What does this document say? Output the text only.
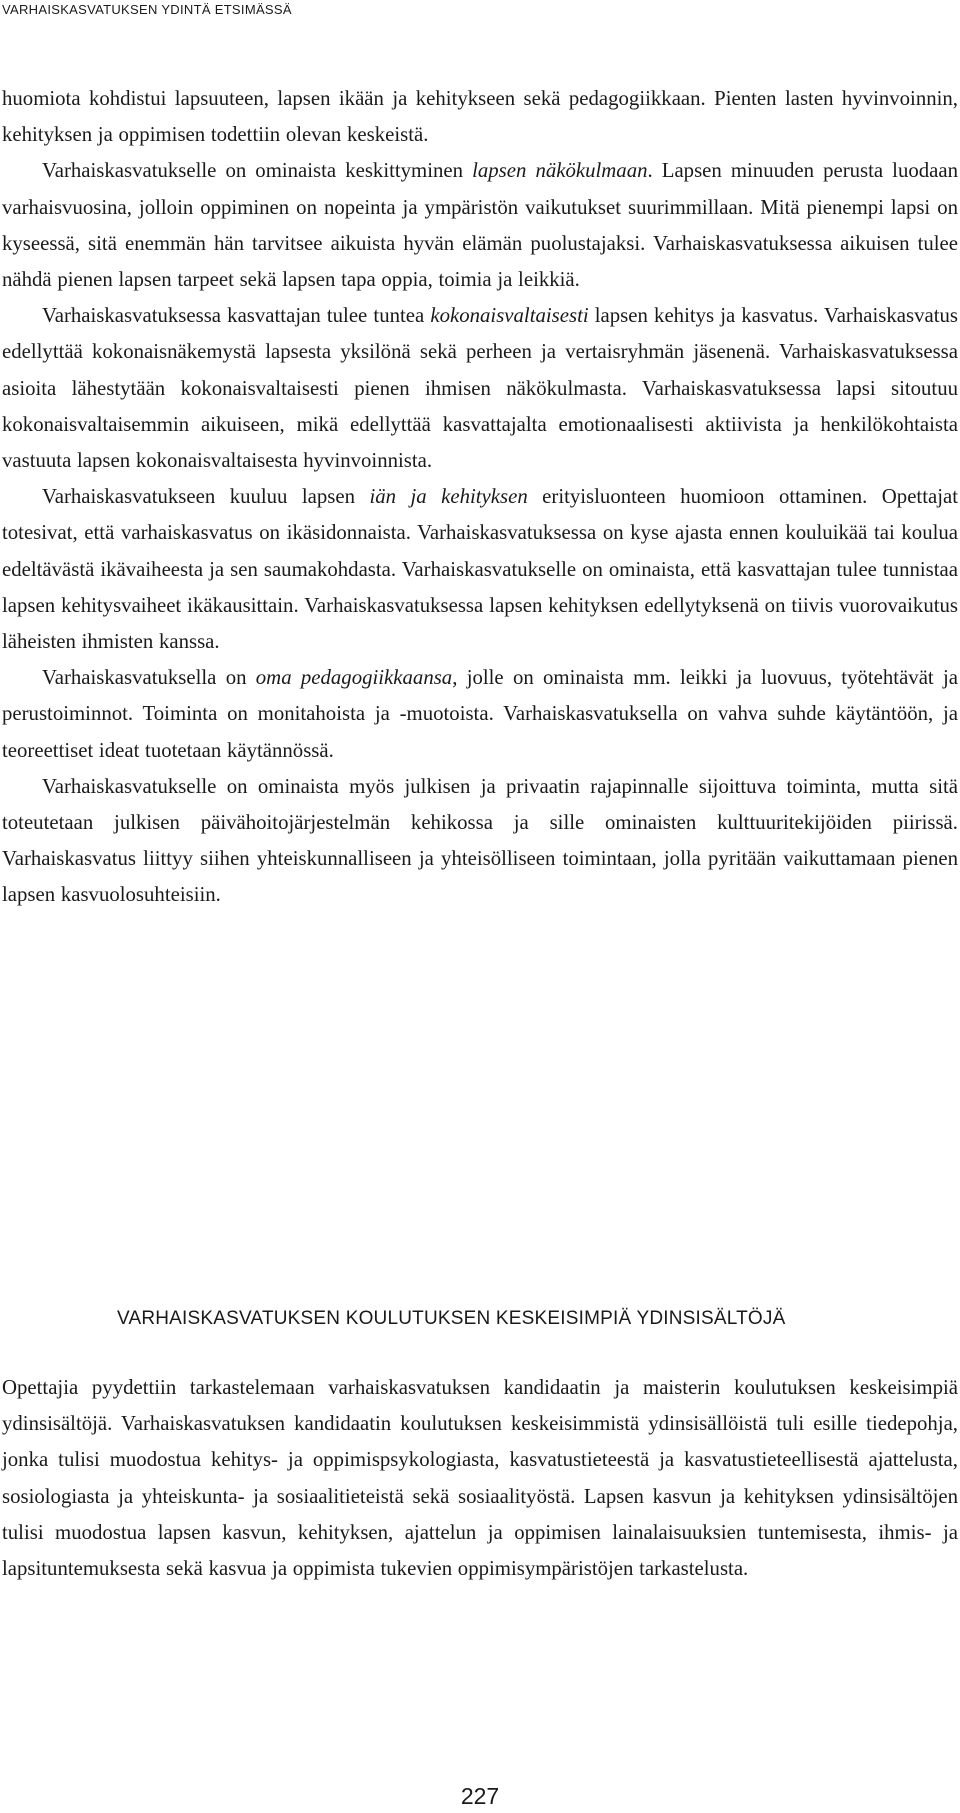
VARHAISKASVATUKSEN YDINTÄ ETSIMÄSSÄ

huomiota kohdistui lapsuuteen, lapsen ikään ja kehitykseen sekä pedagogiikkaan. Pienten lasten hyvinvoinnin, kehityksen ja oppimisen todettiin olevan keskeistä.

Varhaiskasvatukselle on ominaista keskittyminen lapsen näkökulmaan. Lapsen minuuden perusta luodaan varhaisvuosina, jolloin oppiminen on nopeinta ja ympäristön vaikutukset suurimmillaan. Mitä pienempi lapsi on kyseessä, sitä enemmän hän tarvitsee aikuista hyvän elämän puolustajaksi. Varhaiskasvatuksessa aikuisen tulee nähdä pienen lapsen tarpeet sekä lapsen tapa oppia, toimia ja leikkiä.

Varhaiskasvatuksessa kasvattajan tulee tuntea kokonaisvaltaisesti lapsen kehitys ja kasvatus. Varhaiskasvatus edellyttää kokonaisnäkemystä lapsesta yksilönä sekä perheen ja vertaisryhmän jäsenenä. Varhaiskasvatuksessa asioita lähestytään kokonaisvaltaisesti pienen ihmisen näkökulmasta. Varhaiskasvatuksessa lapsi sitoutuu kokonaisvaltaisemmin aikuiseen, mikä edellyttää kasvattajalta emotionaalisesti aktiivista ja henkilökohtaista vastuuta lapsen kokonaisvaltaisesta hyvinvoinnista.

Varhaiskasvatukseen kuuluu lapsen iän ja kehityksen erityisluonteen huomioon ottaminen. Opettajat totesivat, että varhaiskasvatus on ikäsidonnaista. Varhaiskasvatuksessa on kyse ajasta ennen kouluikää tai koulua edeltävästä ikävaiheesta ja sen saumakohdasta. Varhaiskasvatukselle on ominaista, että kasvattajan tulee tunnistaa lapsen kehitysvaiheet ikäkausittain. Varhaiskasvatuksessa lapsen kehityksen edellytyksenä on tiivis vuorovaikutus läheisten ihmisten kanssa.

Varhaiskasvatuksella on oma pedagogiikkaansa, jolle on ominaista mm. leikki ja luovuus, työtehtävät ja perustoiminnot. Toiminta on monitahoista ja -muotoista. Varhaiskasvatuksella on vahva suhde käytäntöön, ja teoreettiset ideat tuotetaan käytännössä.

Varhaiskasvatukselle on ominaista myös julkisen ja privaatin rajapinnalle sijoittuva toiminta, mutta sitä toteutetaan julkisen päivähoitojärjestelmän kehikossa ja sille ominaisten kulttuuritekijöiden piirissä. Varhaiskasvatus liittyy siihen yhteiskunnalliseen ja yhteisölliseen toimintaan, jolla pyritään vaikuttamaan pienen lapsen kasvuolosuhteisiin.

VARHAISKASVATUKSEN KOULUTUKSEN KESKEISIMPIÄ YDINSISÄLTÖJÄ

Opettajia pyydettiin tarkastelemaan varhaiskasvatuksen kandidaatin ja maisterin koulutuksen keskeisimpiä ydinsisältöjä. Varhaiskasvatuksen kandidaatin koulutuksen keskeisimmistä ydinsisällöistä tuli esille tiedepohja, jonka tulisi muodostua kehitys- ja oppimispsykologiasta, kasvatustieteestä ja kasvatustieteellisestä ajattelusta, sosiologiasta ja yhteiskunta- ja sosiaalitieteistä sekä sosiaalityöstä. Lapsen kasvun ja kehityksen ydinsisältöjen tulisi muodostua lapsen kasvun, kehityksen, ajattelun ja oppimisen lainalaisuuksien tuntemisesta, ihmis- ja lapsituntemuksesta sekä kasvua ja oppimista tukevien oppimisympäristöjen tarkastelusta.

227
